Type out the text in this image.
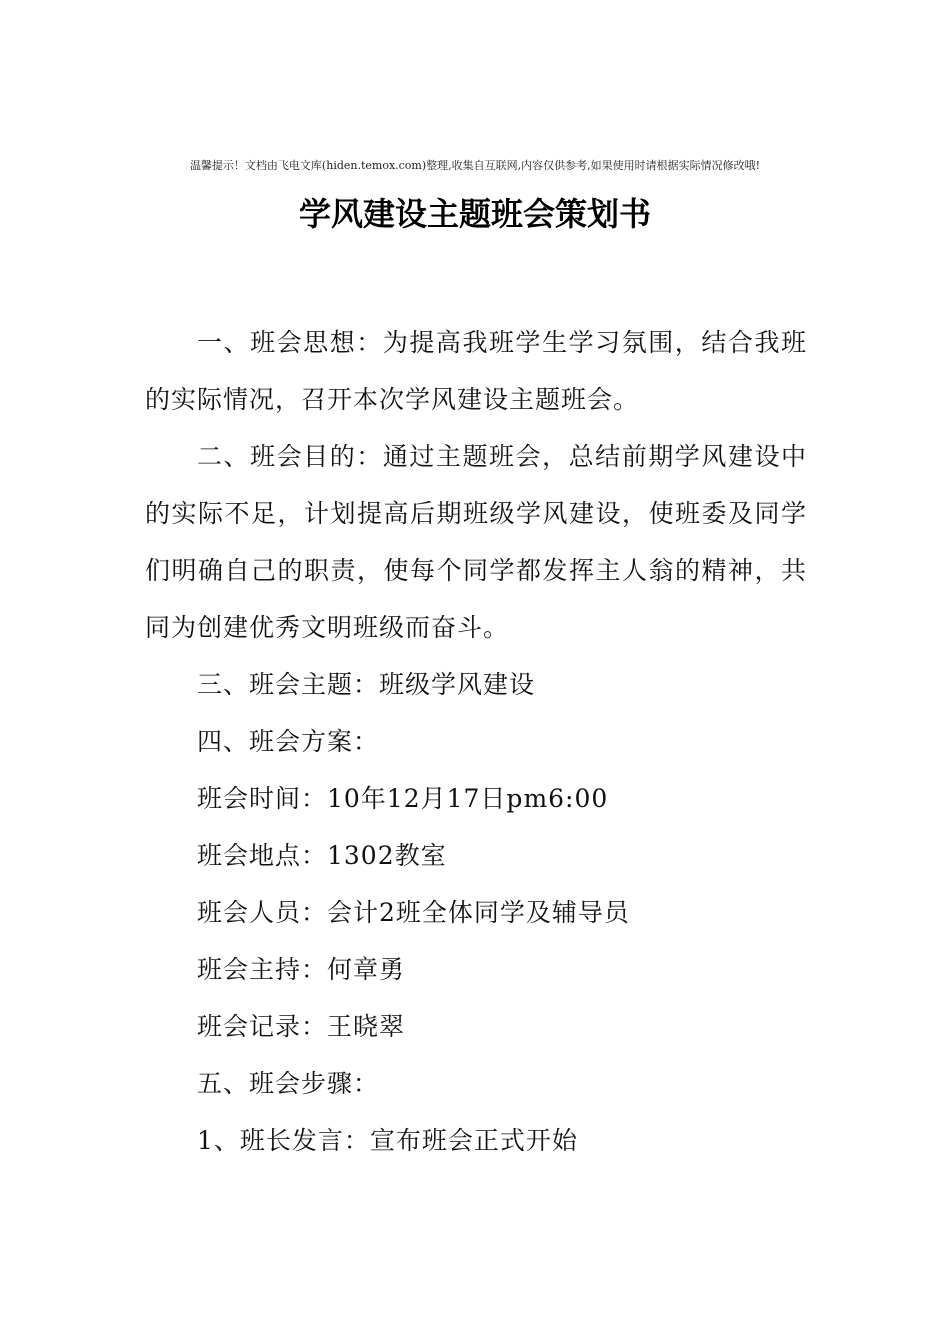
温馨提示！文档由飞电文库(hiden.temox.com)整理,收集自互联网,内容仅供参考,如果使用时请根据实际情况修改哦!
学风建设主题班会策划书

一、班会思想：为提高我班学生学习氛围，结合我班的实际情况，召开本次学风建设主题班会。

二、班会目的：通过主题班会，总结前期学风建设中的实际不足，计划提高后期班级学风建设，使班委及同学们明确自己的职责，使每个同学都发挥主人翁的精神，共同为创建优秀文明班级而奋斗。

三、班会主题：班级学风建设

四、班会方案：

班会时间：10年12月17日pm6:00

班会地点：1302教室

班会人员：会计2班全体同学及辅导员

班会主持：何章勇

班会记录：王晓翠

五、班会步骤：

1、班长发言：宣布班会正式开始
